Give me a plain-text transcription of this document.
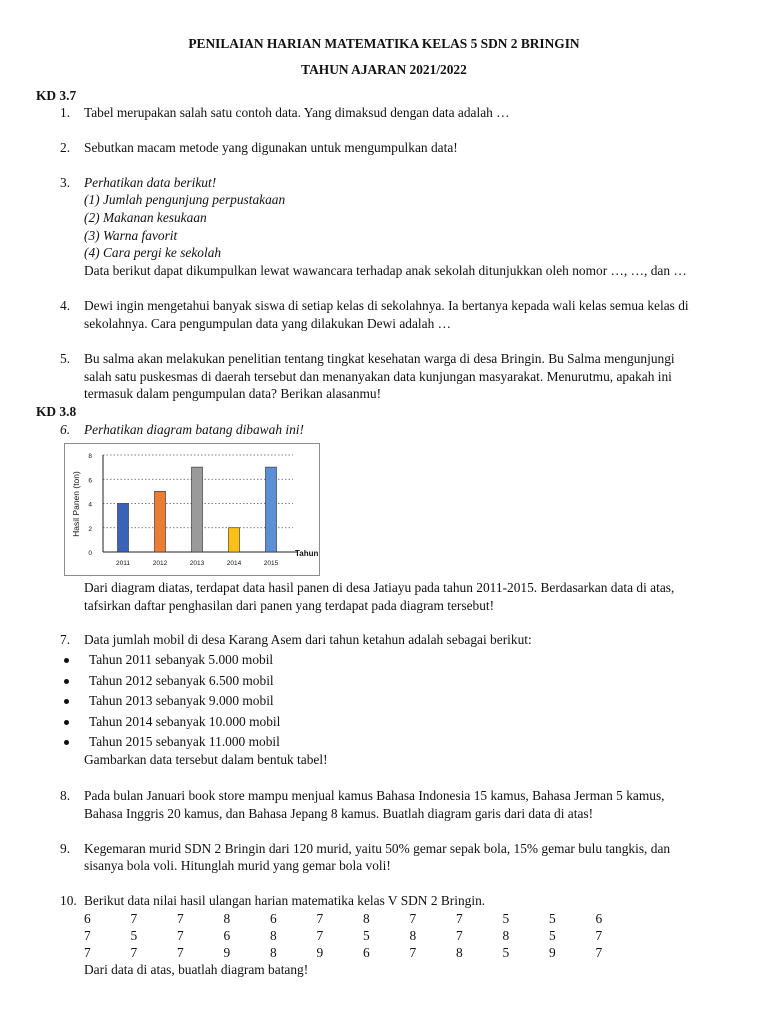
PENILAIAN HARIAN MATEMATIKA KELAS 5 SDN 2 BRINGIN
TAHUN AJARAN 2021/2022
KD 3.7
1. Tabel merupakan salah satu contoh data. Yang dimaksud dengan data adalah …
2. Sebutkan macam metode yang digunakan untuk mengumpulkan data!
3. Perhatikan data berikut!
(1) Jumlah pengunjung perpustakaan
(2) Makanan kesukaan
(3) Warna favorit
(4) Cara pergi ke sekolah
Data berikut dapat dikumpulkan lewat wawancara terhadap anak sekolah ditunjukkan oleh nomor …, …, dan …
4. Dewi ingin mengetahui banyak siswa di setiap kelas di sekolahnya. Ia bertanya kepada wali kelas semua kelas di
sekolahnya. Cara pengumpulan data yang dilakukan Dewi adalah …
5. Bu salma akan melakukan penelitian tentang tingkat kesehatan warga di desa Bringin. Bu Salma mengunjungi
salah satu puskesmas di daerah tersebut dan menanyakan data kunjungan masyarakat. Menurutmu, apakah ini
termasuk dalam pengumpulan data? Berikan alasanmu!
KD 3.8
6. Perhatikan diagram batang dibawah ini!
0
2
4
6
8
2011	2012	2013	2014	2015
Hasil Panen (ton)
Tahun
Dari diagram diatas, terdapat data hasil panen di desa Jatiayu pada tahun 2011-2015. Berdasarkan data di atas,
tafsirkan daftar penghasilan dari panen yang terdapat pada diagram tersebut!
7. Data jumlah mobil di desa Karang Asem dari tahun ketahun adalah sebagai berikut:
Tahun 2011 sebanyak 5.000 mobil
Tahun 2012 sebanyak 6.500 mobil
Tahun 2013 sebanyak 9.000 mobil
Tahun 2014 sebanyak 10.000 mobil
Tahun 2015 sebanyak 11.000 mobil
Gambarkan data tersebut dalam bentuk tabel!
8. Pada bulan Januari book store mampu menjual kamus Bahasa Indonesia 15 kamus, Bahasa Jerman 5 kamus,
Bahasa Inggris 20 kamus, dan Bahasa Jepang 8 kamus. Buatlah diagram garis dari data di atas!
9. Kegemaran murid SDN 2 Bringin dari 120 murid, yaitu 50% gemar sepak bola, 15% gemar bulu tangkis, dan
sisanya bola voli. Hitunglah murid yang gemar bola voli!
10. Berikut data nilai hasil ulangan harian matematika kelas V SDN 2 Bringin.
6	7	7	8	6	7	8	7	7	5	5	6
7	5	7	6	8	7	5	8	7	8	5	7
7	7	7	9	8	9	6	7	8	5	9	7
Dari data di atas, buatlah diagram batang!
